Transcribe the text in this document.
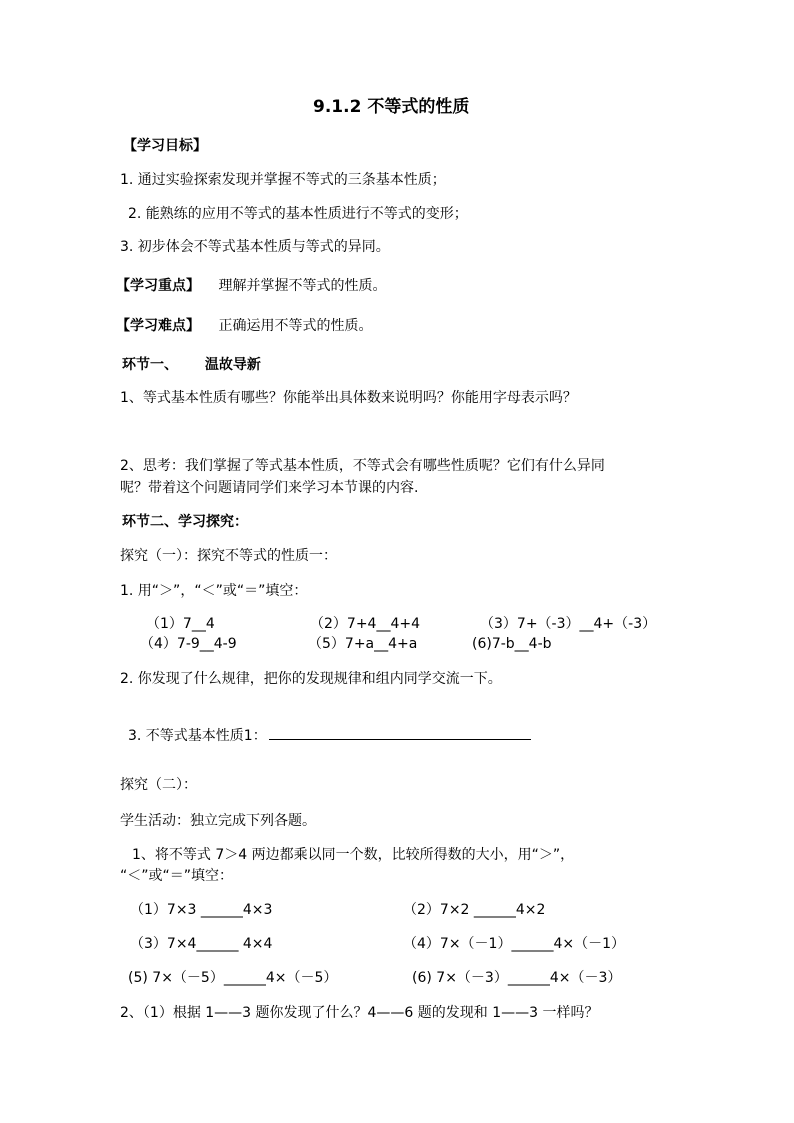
9.1.2 不等式的性质
【学习目标】
1. 通过实验探索发现并掌握不等式的三条基本性质；
2. 能熟练的应用不等式的基本性质进行不等式的变形；
3. 初步体会不等式基本性质与等式的异同。
【学习重点】 理解并掌握不等式的性质。
【学习难点】 正确运用不等式的性质。
环节一、 温故导新
1、等式基本性质有哪些？你能举出具体数来说明吗？你能用字母表示吗？
2、思考：我们掌握了等式基本性质，不等式会有哪些性质呢？它们有什么异同
呢？带着这个问题请同学们来学习本节课的内容.
环节二、学习探究：
探究（一）：探究不等式的性质一：
1. 用“＞”，“＜”或“＝”填空：
（1）7__4	（2）7+4__4+4	（3）7+（-3）__4+（-3）
（4）7-9__4-9	（5）7+a__4+a	(6)7-b__4-b
2. 你发现了什么规律，把你的发现规律和组内同学交流一下。
3. 不等式基本性质1：
探究（二）：
学生活动：独立完成下列各题。
1、将不等式 7＞4 两边都乘以同一个数，比较所得数的大小，用“＞”，
“＜”或“＝”填空：
（1）7×3 ______4×3	（2）7×2 ______4×2
（3）7×4______ 4×4	（4）7×（－1）______4×（－1）
(5) 7×（－5）______4×（－5）	(6) 7×（－3）______4×（－3）
2、（1）根据 1——3 题你发现了什么？4——6 题的发现和 1——3 一样吗？
